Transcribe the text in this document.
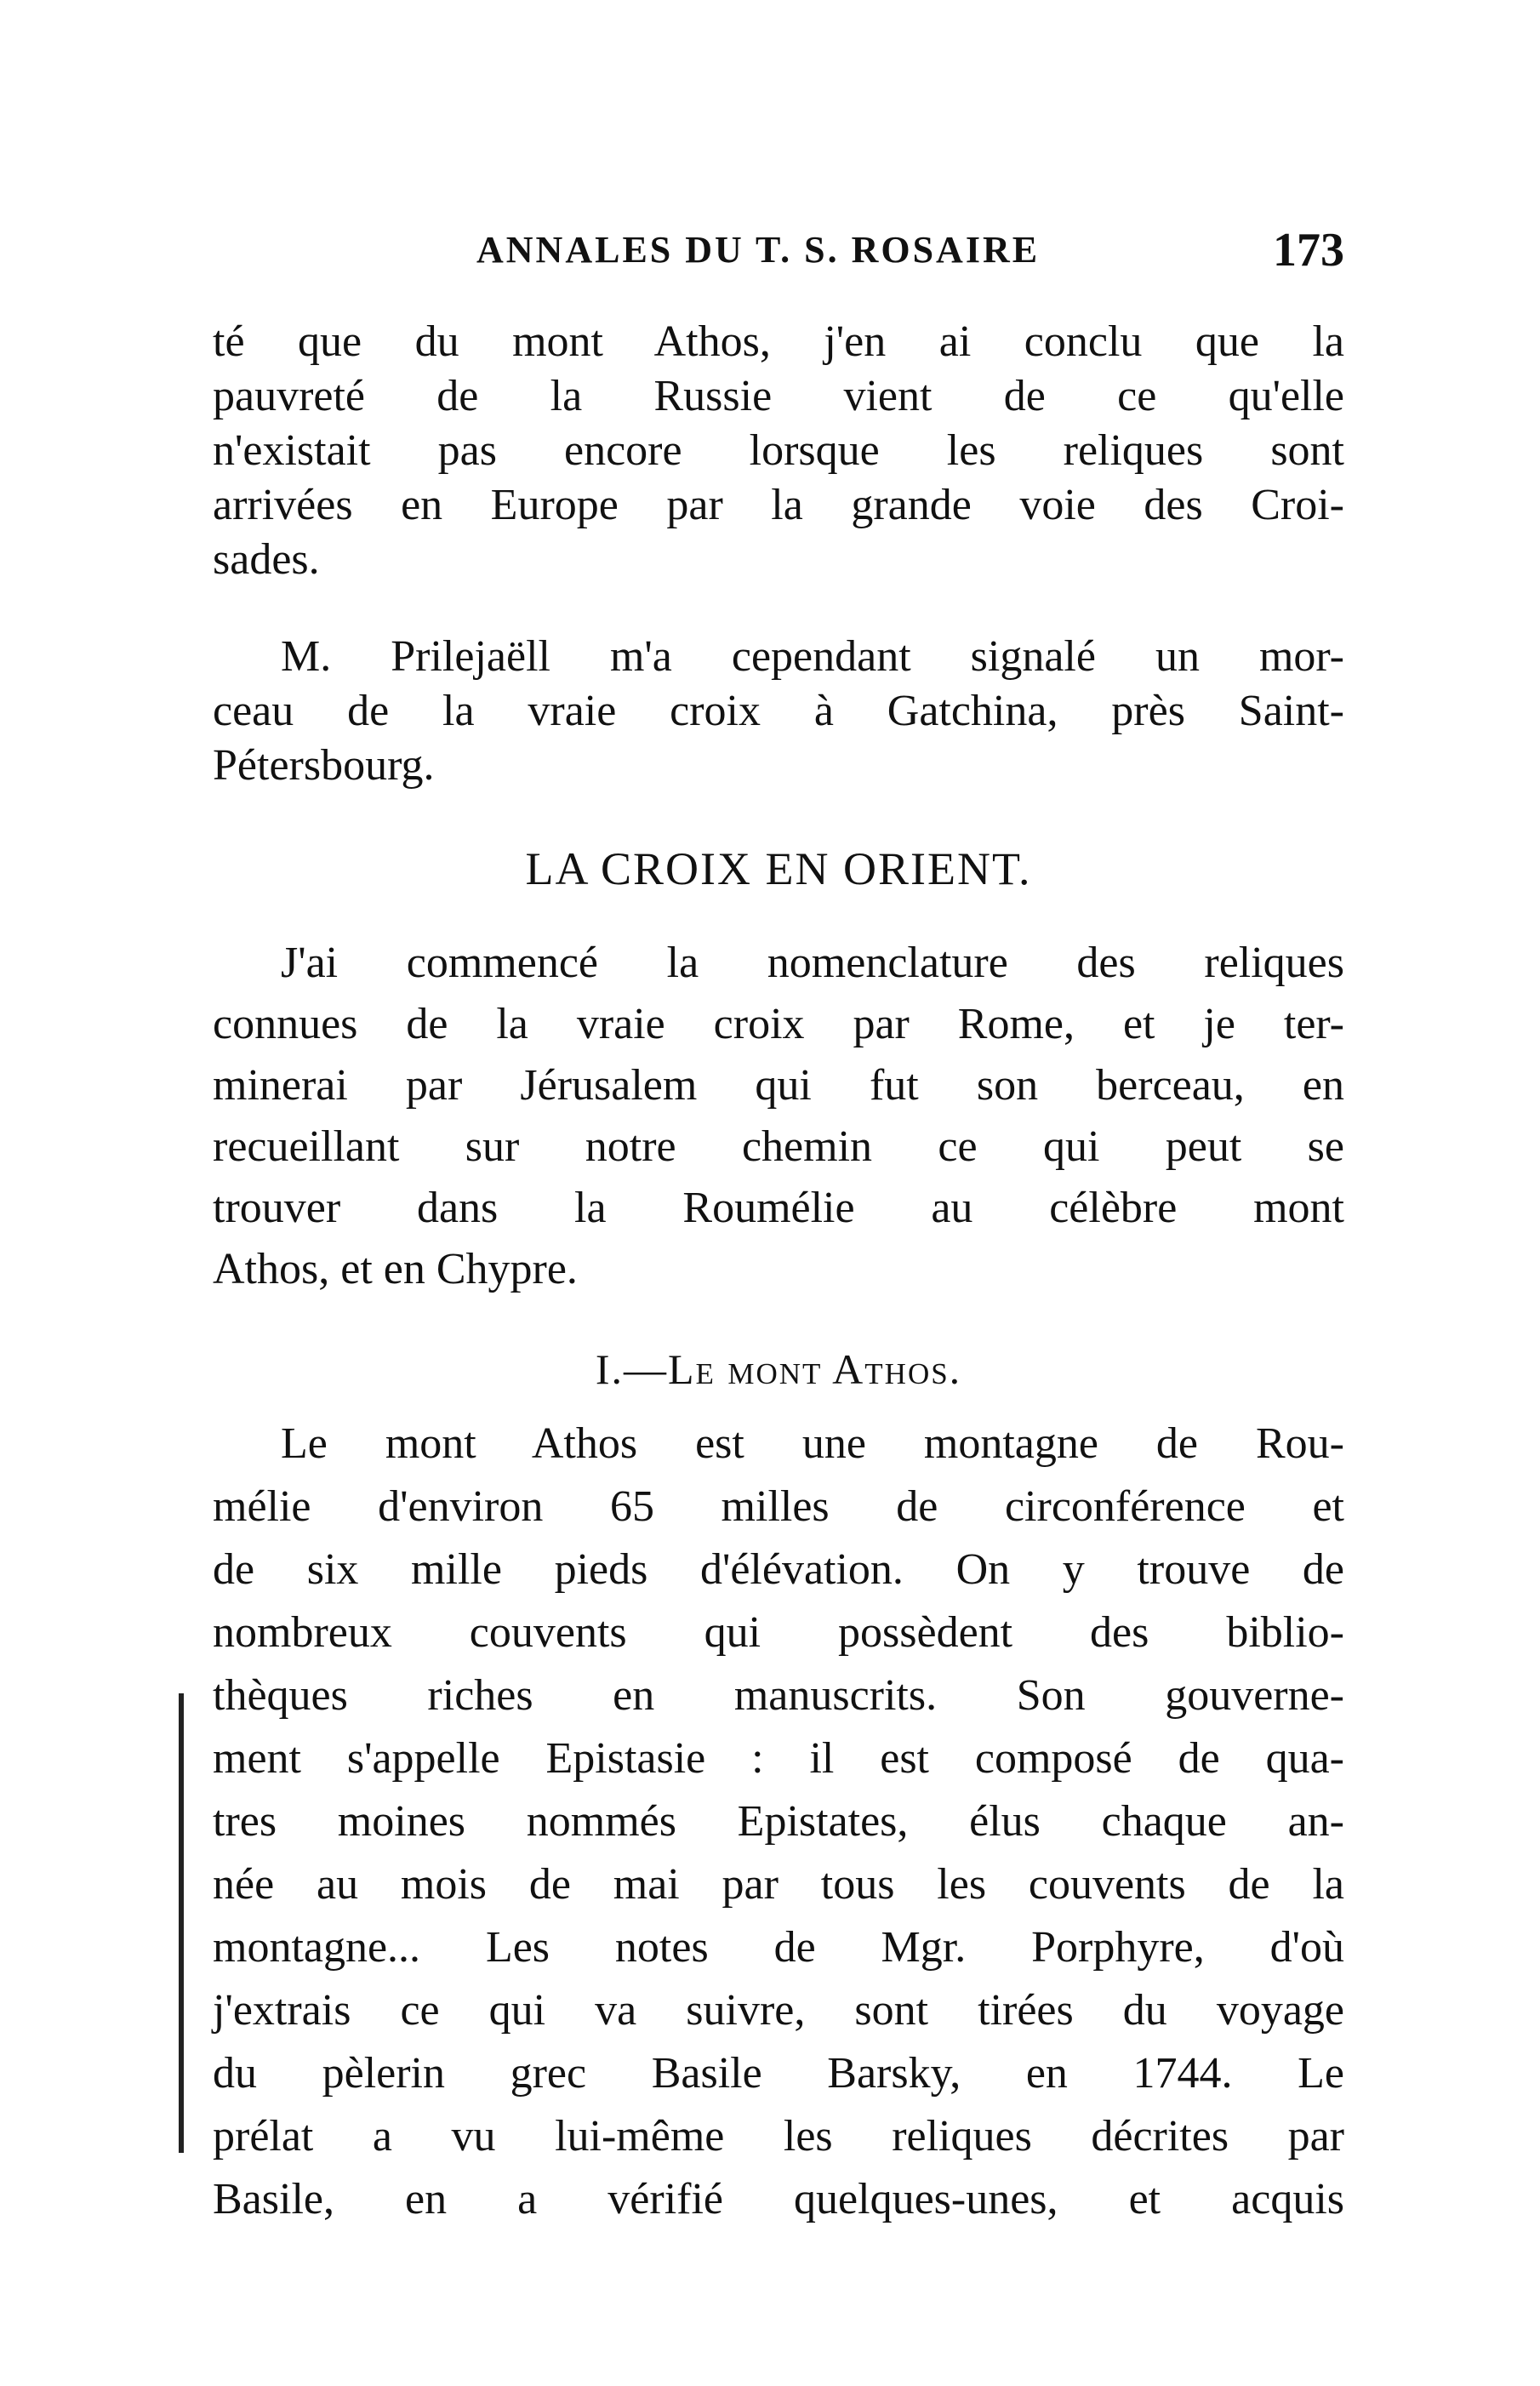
ANNALES DU T. S. ROSAIRE	173
té que du mont Athos, j'en ai conclu que la
pauvreté de la Russie vient de ce qu'elle
n'existait pas encore lorsque les reliques sont
arrivées en Europe par la grande voie des Croi-
sades.
M. Prilejaëll m'a cependant signalé un mor-
ceau de la vraie croix à Gatchina, près Saint-
Pétersbourg.
LA CROIX EN ORIENT.
J'ai commencé la nomenclature des reliques
connues de la vraie croix par Rome, et je ter-
minerai par Jérusalem qui fut son berceau, en
recueillant sur notre chemin ce qui peut se
trouver dans la Roumélie au célèbre mont
Athos, et en Chypre.
I.—Le mont Athos.
Le mont Athos est une montagne de Rou-
mélie d'environ 65 milles de circonférence et
de six mille pieds d'élévation. On y trouve de
nombreux couvents qui possèdent des biblio-
thèques riches en manuscrits. Son gouverne-
ment s'appelle Epistasie : il est composé de qua-
tres moines nommés Epistates, élus chaque an-
née au mois de mai par tous les couvents de la
montagne... Les notes de Mgr. Porphyre, d'où
j'extrais ce qui va suivre, sont tirées du voyage
du pèlerin grec Basile Barsky, en 1744. Le
prélat a vu lui-même les reliques décrites par
Basile, en a vérifié quelques-unes, et acquis
